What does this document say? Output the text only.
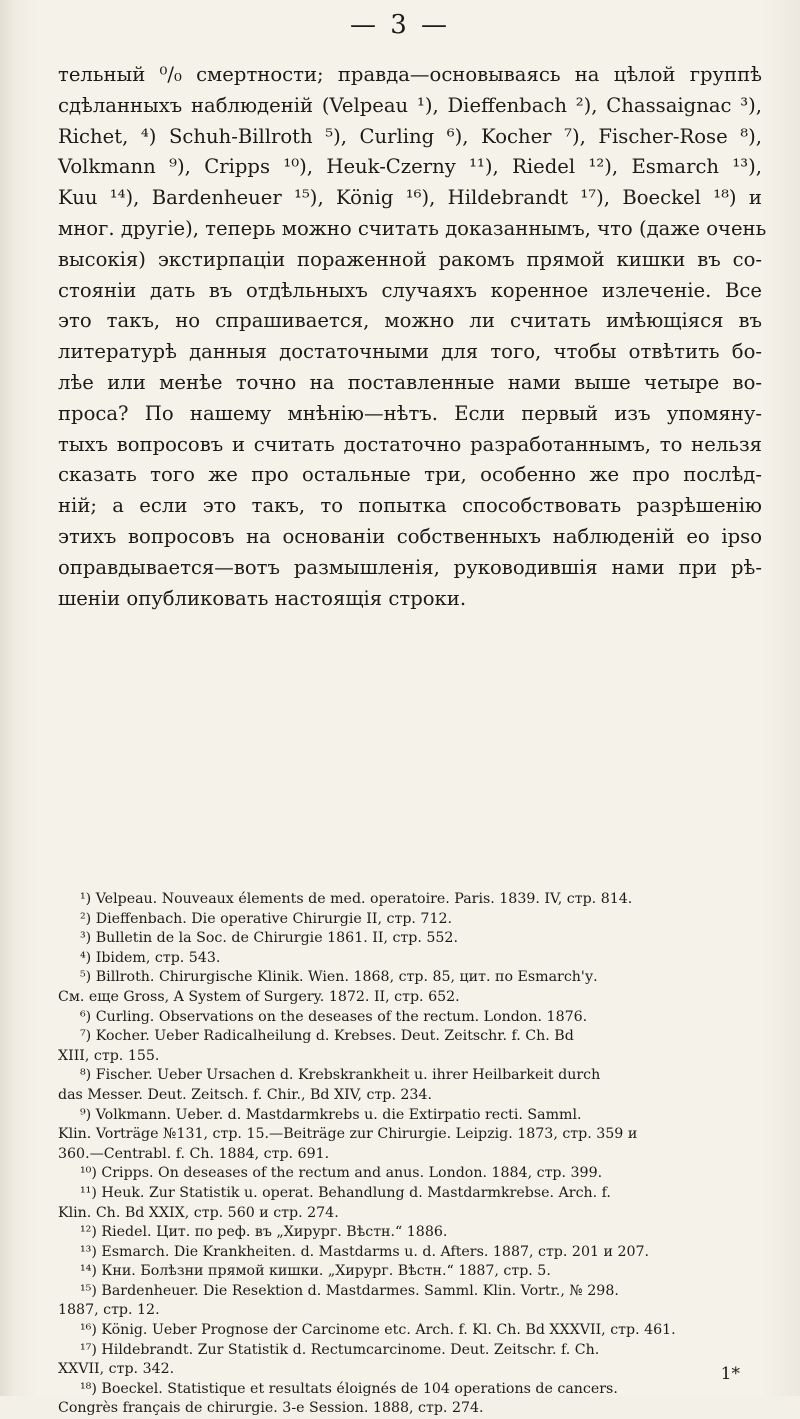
— 3 —
тельный ⁰/₀ смертности; правда—основываясь на цѣлой группѣ
сдѣланныхъ наблюденій (Velpeau ¹), Dieffenbach ²), Chassaignac ³),
Richet, ⁴) Schuh-Billroth ⁵), Curling ⁶), Kocher ⁷), Fischer-Rose ⁸),
Volkmann ⁹), Cripps ¹⁰), Heuk-Czerny ¹¹), Riedel ¹²), Esmarch ¹³),
Kuu ¹⁴), Bardenheuer ¹⁵), König ¹⁶), Hildebrandt ¹⁷), Boeckel ¹⁸) и
мног. другіе), теперь можно считать доказаннымъ, что (даже очень
высокія) экстирпаціи пораженной ракомъ прямой кишки въ со-
стояніи дать въ отдѣльныхъ случаяхъ коренное излеченіе. Все
это такъ, но спрашивается, можно ли считать имѣющіяся въ
литературѣ данныя достаточными для того, чтобы отвѣтить бо-
лѣе или менѣе точно на поставленные нами выше четыре во-
проса? По нашему мнѣнію—нѣтъ. Если первый изъ упомяну-
тыхъ вопросовъ и считать достаточно разработаннымъ, то нельзя
сказать того же про остальные три, особенно же про послѣд-
ній; а если это такъ, то попытка способствовать разрѣшенію
этихъ вопросовъ на основаніи собственныхъ наблюденій ео ipso
оправдывается—вотъ размышленія, руководившія нами при рѣ-
шеніи опубликовать настоящія строки.
¹) Velpeau. Nouveaux élements de med. operatoire. Paris. 1839. IV, стр. 814.
²) Dieffenbach. Die operative Chirurgie II, стр. 712.
³) Bulletin de la Soc. de Chirurgie 1861. II, стр. 552.
⁴) Ibidem, стр. 543.
⁵) Billroth. Chirurgische Klinik. Wien. 1868, стр. 85, цит. по Esmarch'у.
См. еще Gross, A System of Surgery. 1872. II, стр. 652.
⁶) Curling. Observations on the deseases of the rectum. London. 1876.
⁷) Kocher. Ueber Radicalheilung d. Krebses. Deut. Zeitschr. f. Ch. Bd
XIII, стр. 155.
⁸) Fischer. Ueber Ursachen d. Krebskrankheit u. ihrer Heilbarkeit durch
das Messer. Deut. Zeitsch. f. Chir., Bd XIV, стр. 234.
⁹) Volkmann. Ueber. d. Mastdarmkrebs u. die Extirpatio recti. Samml.
Klin. Vorträge №131, стр. 15.—Beiträge zur Chirurgie. Leipzig. 1873, стр. 359 и
360.—Centrabl. f. Ch. 1884, стр. 691.
¹⁰) Cripps. On deseases of the rectum and anus. London. 1884, стр. 399.
¹¹) Heuk. Zur Statistik u. operat. Behandlung d. Mastdarmkrebse. Arch. f.
Klin. Ch. Bd XXIX, стр. 560 и стр. 274.
¹²) Riedel. Цит. по реф. въ „Хирург. Вѣстн.“ 1886.
¹³) Esmarch. Die Krankheiten. d. Mastdarms u. d. Afters. 1887, стр. 201 и 207.
¹⁴) Кни. Болѣзни прямой кишки. „Хирург. Вѣстн.“ 1887, стр. 5.
¹⁵) Bardenheuer. Die Resektion d. Mastdarmes. Samml. Klin. Vortr., № 298.
1887, стр. 12.
¹⁶) König. Ueber Prognose der Carcinome etc. Arch. f. Kl. Ch. Bd XXXVII, стр. 461.
¹⁷) Hildebrandt. Zur Statistik d. Rectumcarcinome. Deut. Zeitschr. f. Ch.
XXVII, стр. 342.
¹⁸) Boeckel. Statistique et resultats éloignés de 104 operations de cancers.
Congrès français de chirurgie. 3-e Session. 1888, стр. 274.
1*
